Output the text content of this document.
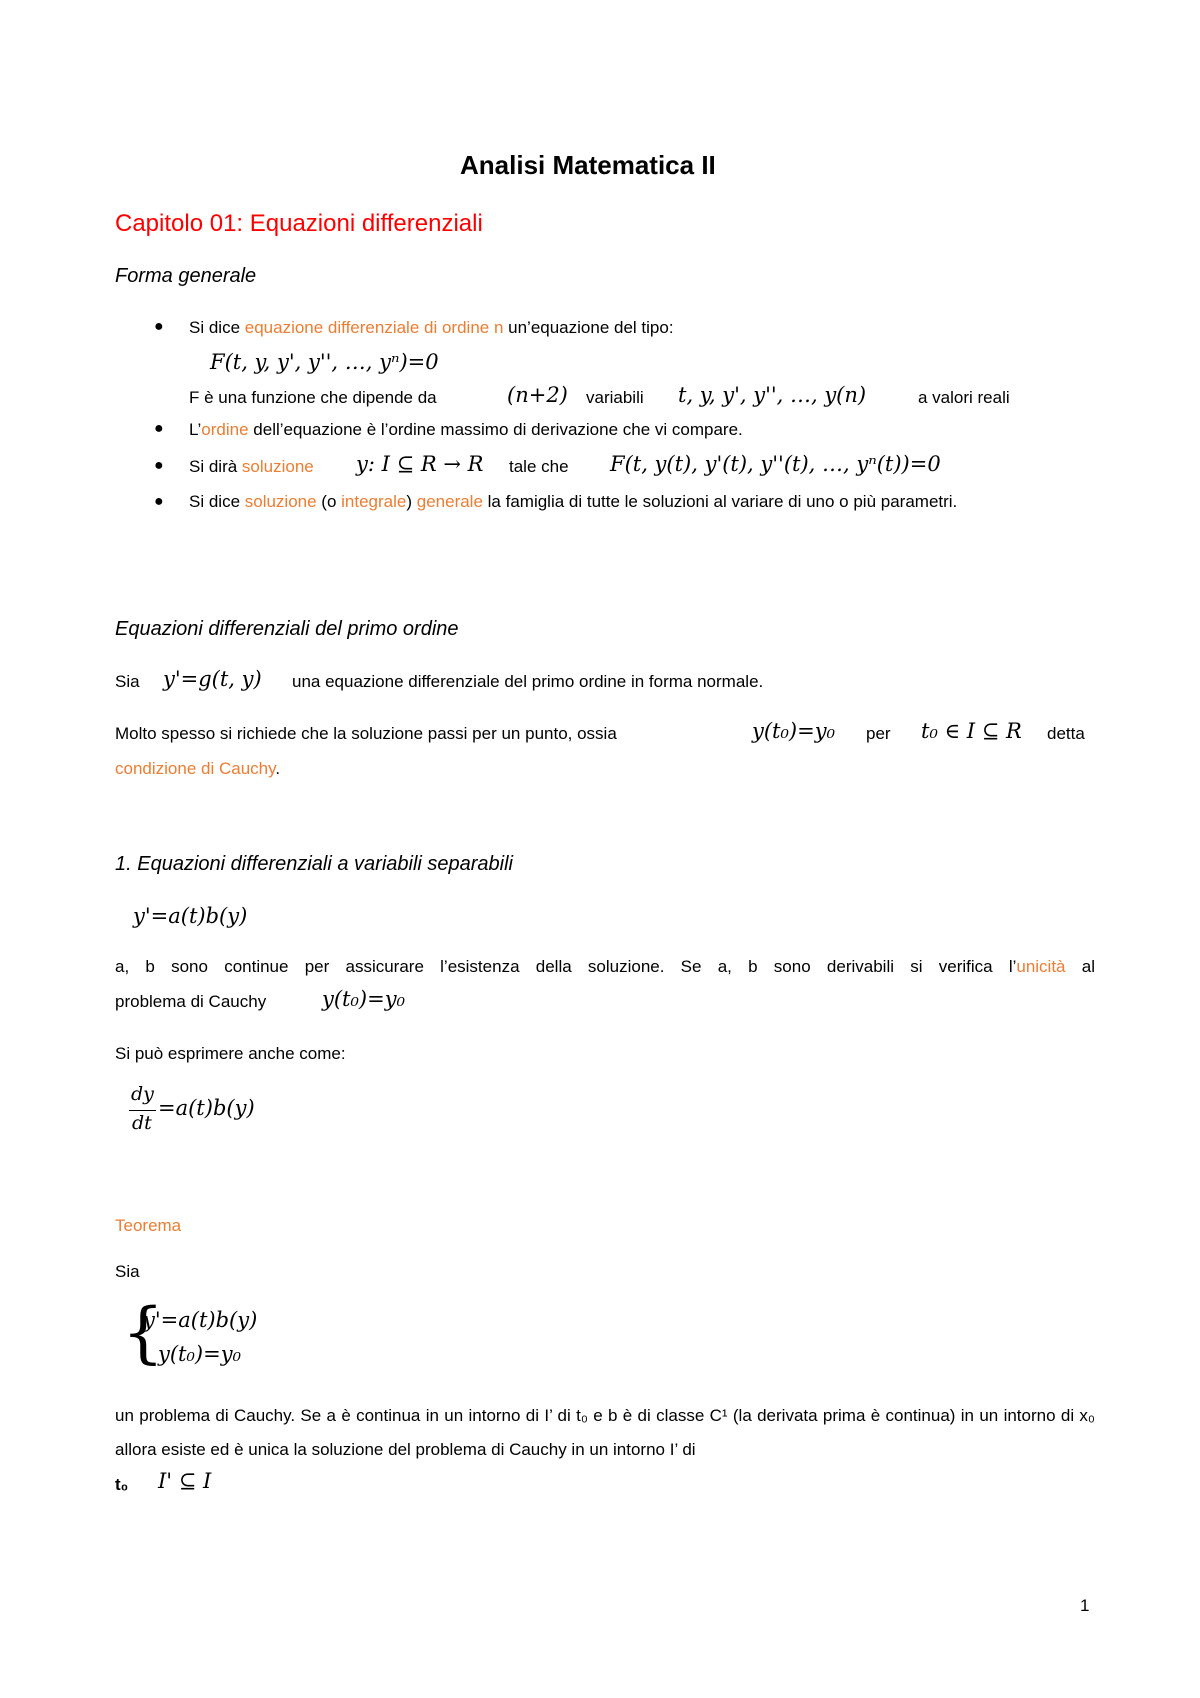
Analisi Matematica II
Capitolo 01: Equazioni differenziali
Forma generale
● Si dice equazione differenziale di ordine n un’equazione del tipo:
F(t, y, y', y'', …, yⁿ)=0
F è una funzione che dipende da	(n+2) variabili t, y, y', y'', …, y(n)	a valori reali
● L’ordine dell’equazione è l’ordine massimo di derivazione che vi compare.
● Si dirà soluzione y: I ⊆ R → R tale che F(t, y(t), y'(t), y''(t), …, yⁿ(t))=0
● Si dice soluzione (o integrale) generale la famiglia di tutte le soluzioni al variare di uno o più parametri.
Equazioni differenziali del primo ordine
Sia y'=g(t, y) una equazione differenziale del primo ordine in forma normale.
Molto spesso si richiede che la soluzione passi per un punto, ossia	y(t₀)=y₀ per t₀ ∈ I ⊆ R detta
condizione di Cauchy.
1. Equazioni differenziali a variabili separabili
y'=a(t)b(y)
a, b sono continue per assicurare l’esistenza della soluzione. Se a, b sono derivabili si verifica l’unicità al
problema di Cauchy	y(t₀)=y₀
Si può esprimere anche come:
dy
dt
=a(t)b(y)
Teorema
Sia
{
y'=a(t)b(y)
y(t₀)=y₀
un problema di Cauchy. Se a è continua in un intorno di I’ di t₀ e b è di classe C¹ (la derivata prima è continua) in un intorno di x₀ allora esiste ed è unica la soluzione del problema di Cauchy in un intorno I’ di
t₀ I' ⊆ I
1
